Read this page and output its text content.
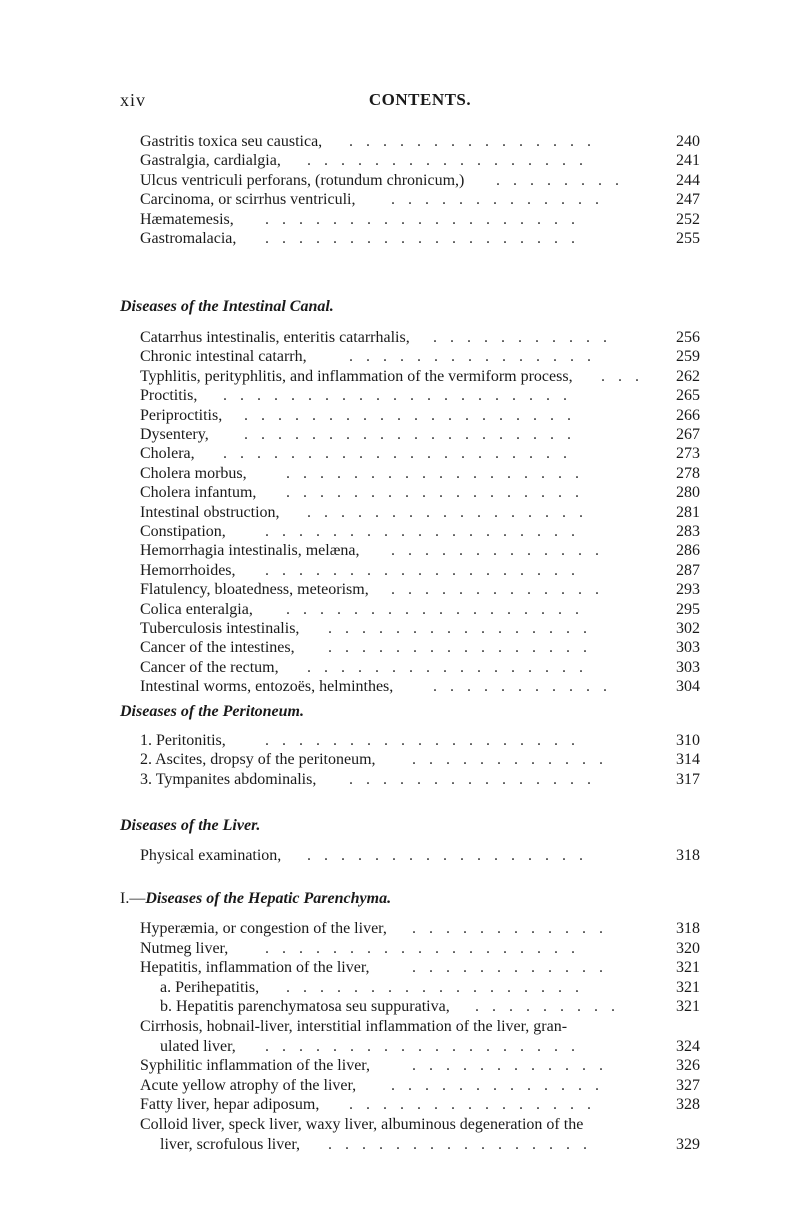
xiv	CONTENTS.
Diseases of the Intestinal Canal.
Diseases of the Peritoneum.
Diseases of the Liver.
I.—Diseases of the Hepatic Parenchyma.
Gastritis toxica seu caustica,	240
...............
Gastralgia, cardialgia,	241
.................
Ulcus ventriculi perforans, (rotundum chronicum,)	244
........
Carcinoma, or scirrhus ventriculi,	247
.............
Hæmatemesis,	252
...................
Gastromalacia,	255
...................
Catarrhus intestinalis, enteritis catarrhalis,	256
...........
Chronic intestinal catarrh,	259
...............
Typhlitis, perityphlitis, and inflammation of the vermiform process,	262
...
Proctitis,	265
.....................
Periproctitis,	266
....................
Dysentery,	267
....................
Cholera,	273
.....................
Cholera morbus,	278
..................
Cholera infantum,	280
..................
Intestinal obstruction,	281
.................
Constipation,	283
...................
Hemorrhagia intestinalis, melæna,	286
.............
Hemorrhoides,	287
...................
Flatulency, bloatedness, meteorism,	293
.............
Colica enteralgia,	295
..................
Tuberculosis intestinalis,	302
................
Cancer of the intestines,	303
................
Cancer of the rectum,	303
.................
Intestinal worms, entozoës, helminthes,	304
...........
1. Peritonitis,	310
...................
2. Ascites, dropsy of the peritoneum,	314
............
3. Tympanites abdominalis,	317
...............
Physical examination,	318
.................
Hyperæmia, or congestion of the liver,	318
............
Nutmeg liver,	320
...................
Hepatitis, inflammation of the liver,	321
............
a. Perihepatitis,	321
..................
b. Hepatitis parenchymatosa seu suppurativa,	321
.........
Cirrhosis, hobnail-liver, interstitial inflammation of the liver, gran-
ulated liver,	324
...................
Syphilitic inflammation of the liver,	326
............
Acute yellow atrophy of the liver,	327
.............
Fatty liver, hepar adiposum,	328
...............
Colloid liver, speck liver, waxy liver, albuminous degeneration of the
liver, scrofulous liver,	329
................
